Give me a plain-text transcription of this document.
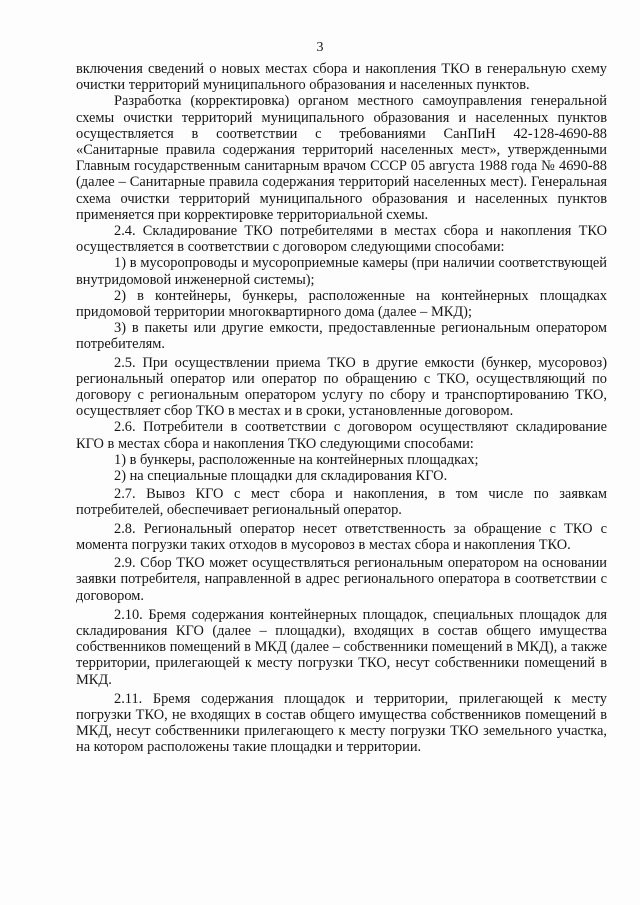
3

включения сведений о новых местах сбора и накопления ТКО в генеральную схему очистки территорий муниципального образования и населенных пунктов.

Разработка (корректировка) органом местного самоуправления генеральной схемы очистки территорий муниципального образования и населенных пунктов осуществляется в соответствии с требованиями СанПиН 42-128-4690-88 «Санитарные правила содержания территорий населенных мест», утвержденными Главным государственным санитарным врачом СССР 05 августа 1988 года № 4690-88 (далее – Санитарные правила содержания территорий населенных мест). Генеральная схема очистки территорий муниципального образования и населенных пунктов применяется при корректировке территориальной схемы.

2.4. Складирование ТКО потребителями в местах сбора и накопления ТКО осуществляется в соответствии с договором следующими способами:

1) в мусоропроводы и мусороприемные камеры (при наличии соответствующей внутридомовой инженерной системы);

2) в контейнеры, бункеры, расположенные на контейнерных площадках придомовой территории многоквартирного дома (далее – МКД);

3) в пакеты или другие емкости, предоставленные региональным оператором потребителям.

2.5. При осуществлении приема ТКО в другие емкости (бункер, мусоровоз) региональный оператор или оператор по обращению с ТКО, осуществляющий по договору с региональным оператором услугу по сбору и транспортированию ТКО, осуществляет сбор ТКО в местах и в сроки, установленные договором.

2.6. Потребители в соответствии с договором осуществляют складирование КГО в местах сбора и накопления ТКО следующими способами:

1) в бункеры, расположенные на контейнерных площадках;

2) на специальные площадки для складирования КГО.

2.7. Вывоз КГО с мест сбора и накопления, в том числе по заявкам потребителей, обеспечивает региональный оператор.

2.8. Региональный оператор несет ответственность за обращение с ТКО с момента погрузки таких отходов в мусоровоз в местах сбора и накопления ТКО.

2.9. Сбор ТКО может осуществляться региональным оператором на основании заявки потребителя, направленной в адрес регионального оператора в соответствии с договором.

2.10. Бремя содержания контейнерных площадок, специальных площадок для складирования КГО (далее – площадки), входящих в состав общего имущества собственников помещений в МКД (далее – собственники помещений в МКД), а также территории, прилегающей к месту погрузки ТКО, несут собственники помещений в МКД.

2.11. Бремя содержания площадок и территории, прилегающей к месту погрузки ТКО, не входящих в состав общего имущества собственников помещений в МКД, несут собственники прилегающего к месту погрузки ТКО земельного участка, на котором расположены такие площадки и территории.
